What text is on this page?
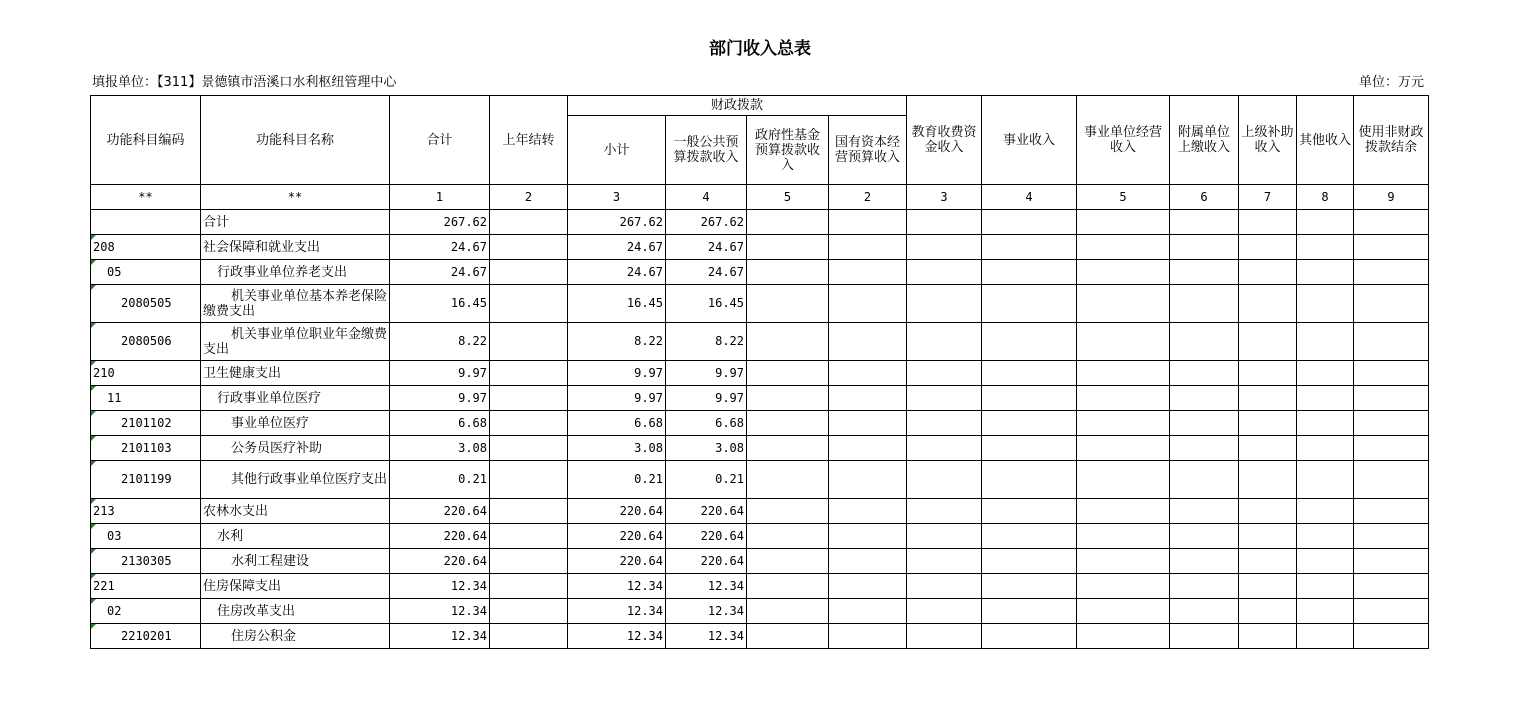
部门收入总表
填报单位：【311】景德镇市浯溪口水利枢纽管理中心	单位：万元
功能科目编码	功能科目名称	合计	上年结转	财政拨款				教育收费资金收入	事业收入	事业单位经营收入	附属单位上缴收入	上级补助收入	其他收入	使用非财政拨款结余
				小计	一般公共预算拨款收入	政府性基金预算拨款收入	国有资本经营预算收入							
**	**	1	2	3	4	5	2	3	4	5	6	7	8	9
	合计	267.62		267.62	267.62									

208	社会保障和就业支出	24.67		24.67	24.67									

05	行政事业单位养老支出	24.67		24.67	24.67									

2080505	机关事业单位基本养老保险缴费支出	16.45		16.45	16.45									

2080506	机关事业单位职业年金缴费支出	8.22		8.22	8.22									

210	卫生健康支出	9.97		9.97	9.97									

11	行政事业单位医疗	9.97		9.97	9.97									

2101102	事业单位医疗	6.68		6.68	6.68									

2101103	公务员医疗补助	3.08		3.08	3.08									

2101199	其他行政事业单位医疗支出	0.21		0.21	0.21									

213	农林水支出	220.64		220.64	220.64									

03	水利	220.64		220.64	220.64									

2130305	水利工程建设	220.64		220.64	220.64									

221	住房保障支出	12.34		12.34	12.34									

02	住房改革支出	12.34		12.34	12.34									

2210201	住房公积金	12.34		12.34	12.34									
